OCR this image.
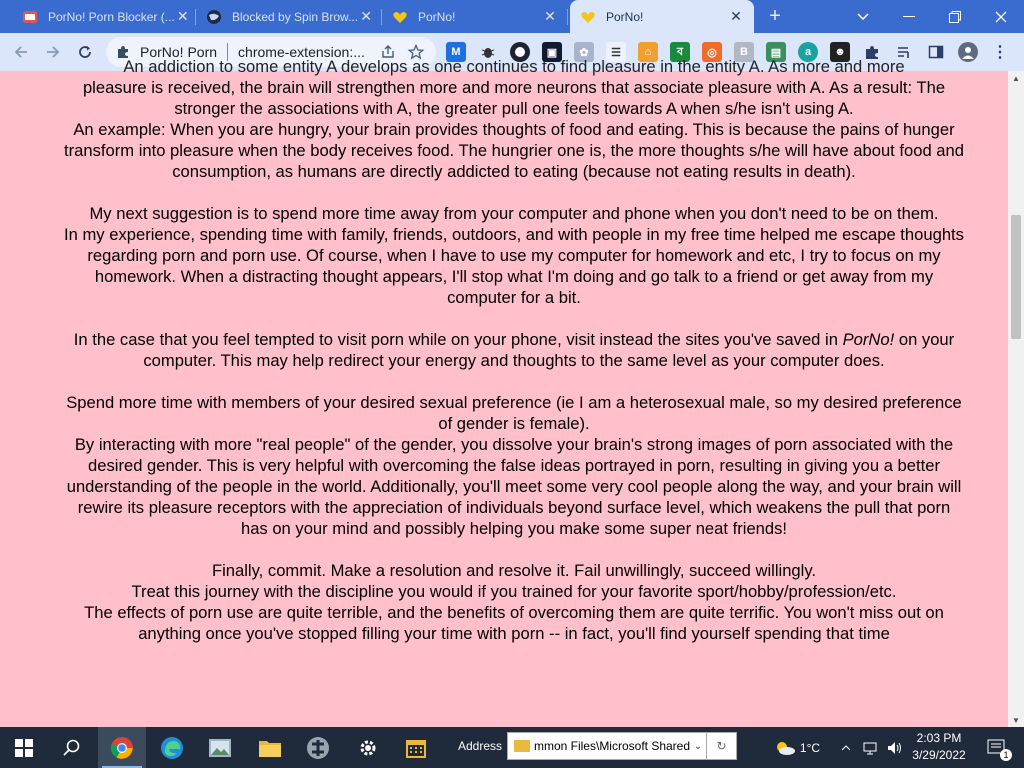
PorNo! Porn Blocker (... ✕	Blocked by Spin Brow... ✕	PorNo!	✕	PorNo!	✕ +
PorNo! Porn chrome-extension:...	M	▣	✿	☰	⌂	ব	◎	B	▤	a	☻	⋮

An addiction to some entity A develops as one continues to find pleasure in the entity A. As more and more

pleasure is received, the brain will strengthen more and more neurons that associate pleasure with A. As a result: The stronger the associations with A, the greater pull one feels towards A when s/he isn't using A.

An example: When you are hungry, your brain provides thoughts of food and eating. This is because the pains of hunger transform into pleasure when the body receives food. The hungrier one is, the more thoughts s/he will have about food and consumption, as humans are directly addicted to eating (because not eating results in death).

My next suggestion is to spend more time away from your computer and phone when you don't need to be on them.

In my experience, spending time with family, friends, outdoors, and with people in my free time helped me escape thoughts regarding porn and porn use. Of course, when I have to use my computer for homework and etc, I try to focus on my homework. When a distracting thought appears, I'll stop what I'm doing and go talk to a friend or get away from my computer for a bit.

In the case that you feel tempted to visit porn while on your phone, visit instead the sites you've saved in PorNo! on your computer. This may help redirect your energy and thoughts to the same level as your computer does.

Spend more time with members of your desired sexual preference (ie I am a heterosexual male, so my desired preference of gender is female).

By interacting with more "real people" of the gender, you dissolve your brain's strong images of porn associated with the desired gender. This is very helpful with overcoming the false ideas portrayed in porn, resulting in giving you a better understanding of the people in the world. Additionally, you'll meet some very cool people along the way, and your brain will rewire its pleasure receptors with the appreciation of individuals beyond surface level, which weakens the pull that porn has on your mind and possibly helping you make some super neat friends!

Finally, commit. Make a resolution and resolve it. Fail unwillingly, succeed willingly.

Treat this journey with the discipline you would if you trained for your favorite sport/hobby/profession/etc.

The effects of porn use are quite terrible, and the benefits of overcoming them are quite terrific. You won't miss out on anything once you've stopped filling your time with porn -- in fact, you'll find yourself spending that time

▲
▼
Address	mmon Files\Microsoft Shared ⌄	↻	1°C
2:03 PM
3/29/2022	1
